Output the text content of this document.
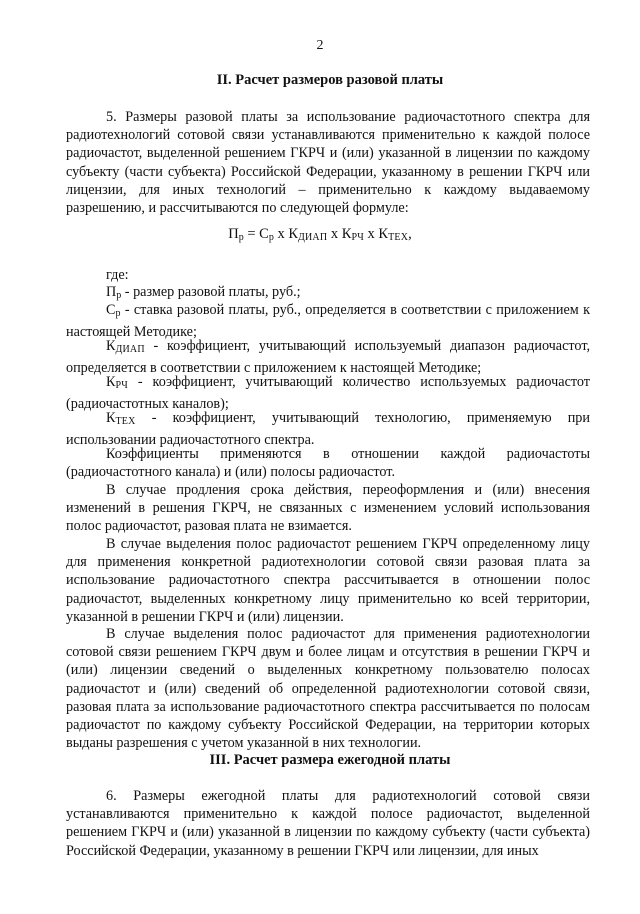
2
II. Расчет размеров разовой платы
5. Размеры разовой платы за использование радиочастотного спектра для радиотехнологий сотовой связи устанавливаются применительно к каждой полосе радиочастот, выделенной решением ГКРЧ и (или) указанной в лицензии по каждому субъекту (части субъекта) Российской Федерации, указанному в решении ГКРЧ или лицензии, для иных технологий – применительно к каждому выдаваемому разрешению, и рассчитываются по следующей формуле:
$П_р = С_р$ x КДИАП x КРЧ x КТЕХ,
где:
$П_р$ - размер разовой платы, руб.;
$С_р$ - ставка разовой платы, руб., определяется в соответствии с приложением к настоящей Методике;
КДИАП - коэффициент, учитывающий используемый диапазон радиочастот, определяется в соответствии с приложением к настоящей Методике;
КРЧ - коэффициент, учитывающий количество используемых радиочастот (радиочастотных каналов);
КТЕХ - коэффициент, учитывающий технологию, применяемую при использовании радиочастотного спектра.
Коэффициенты применяются в отношении каждой радиочастоты (радиочастотного канала) и (или) полосы радиочастот.
В случае продления срока действия, переоформления и (или) внесения изменений в решения ГКРЧ, не связанных с изменением условий использования полос радиочастот, разовая плата не взимается.
В случае выделения полос радиочастот решением ГКРЧ определенному лицу для применения конкретной радиотехнологии сотовой связи разовая плата за использование радиочастотного спектра рассчитывается в отношении полос радиочастот, выделенных конкретному лицу применительно ко всей территории, указанной в решении ГКРЧ и (или) лицензии.
В случае выделения полос радиочастот для применения радиотехнологии сотовой связи решением ГКРЧ двум и более лицам и отсутствия в решении ГКРЧ и (или) лицензии сведений о выделенных конкретному пользователю полосах радиочастот и (или) сведений об определенной радиотехнологии сотовой связи, разовая плата за использование радиочастотного спектра рассчитывается по полосам радиочастот по каждому субъекту Российской Федерации, на территории которых выданы разрешения с учетом указанной в них технологии.
III. Расчет размера ежегодной платы
6. Размеры ежегодной платы для радиотехнологий сотовой связи устанавливаются применительно к каждой полосе радиочастот, выделенной решением ГКРЧ и (или) указанной в лицензии по каждому субъекту (части субъекта) Российской Федерации, указанному в решении ГКРЧ или лицензии, для иных
